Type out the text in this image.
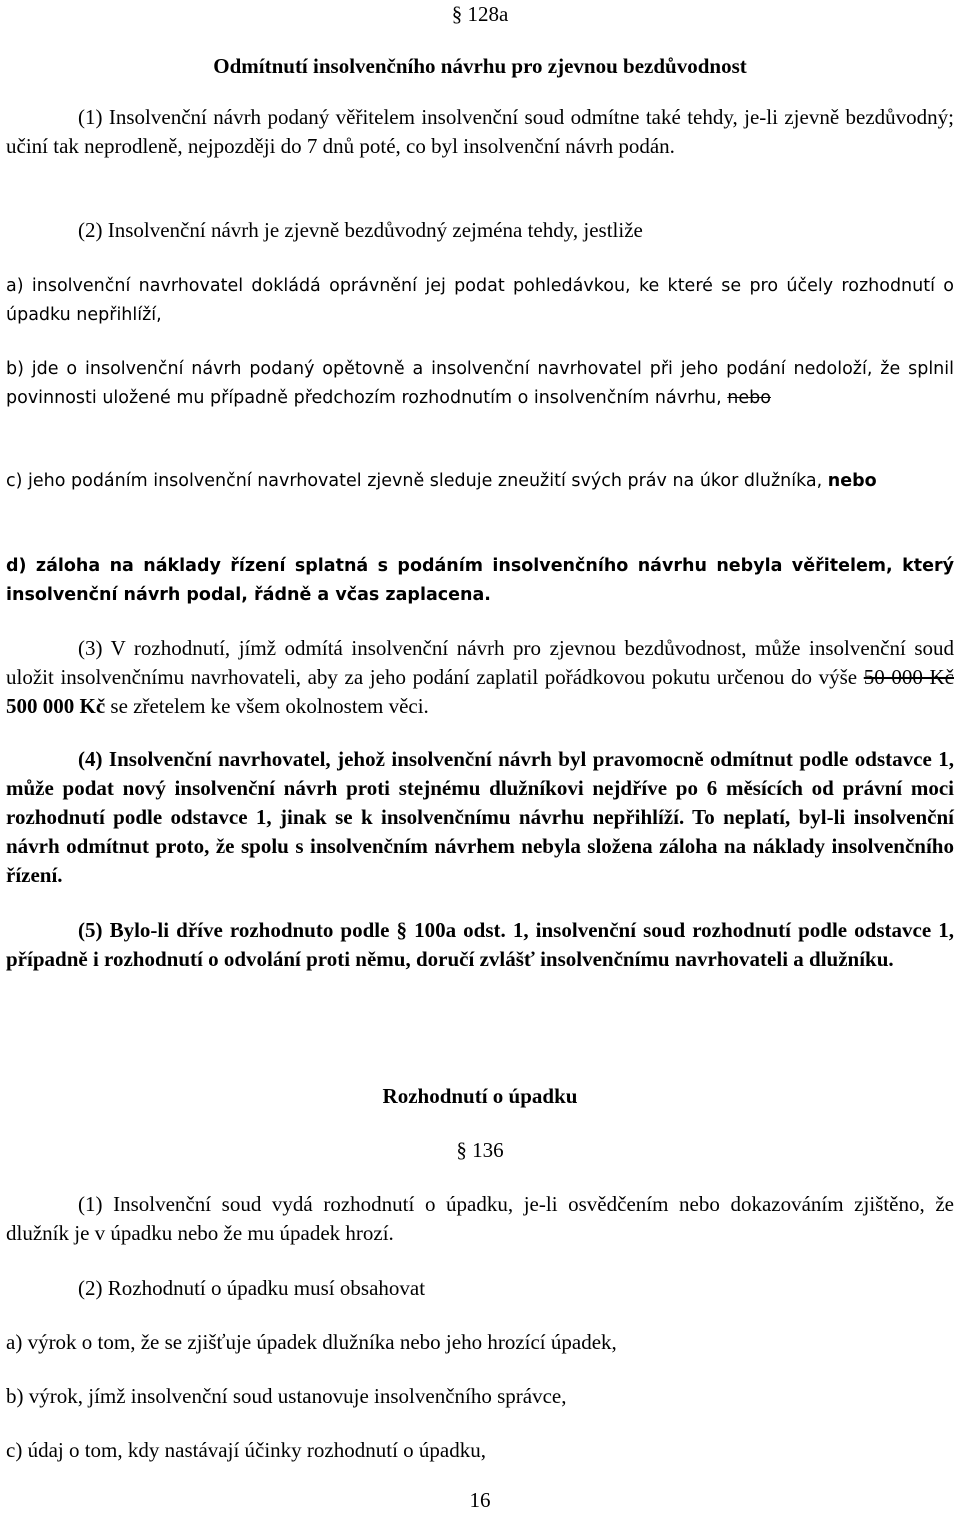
§ 128a

Odmítnutí insolvenčního návrhu pro zjevnou bezdůvodnost

(1) Insolvenční návrh podaný věřitelem insolvenční soud odmítne také tehdy, je-li zjevně bezdůvodný; učiní tak neprodleně, nejpozději do 7 dnů poté, co byl insolvenční návrh podán.

(2) Insolvenční návrh je zjevně bezdůvodný zejména tehdy, jestliže

a) insolvenční navrhovatel dokládá oprávnění jej podat pohledávkou, ke které se pro účely rozhodnutí o úpadku nepřihlíží,

b) jde o insolvenční návrh podaný opětovně a insolvenční navrhovatel při jeho podání nedoloží, že splnil povinnosti uložené mu případně předchozím rozhodnutím o insolvenčním návrhu, nebo

c) jeho podáním insolvenční navrhovatel zjevně sleduje zneužití svých práv na úkor dlužníka, nebo

d) záloha na náklady řízení splatná s podáním insolvenčního návrhu nebyla věřitelem, který insolvenční návrh podal, řádně a včas zaplacena.

(3) V rozhodnutí, jímž odmítá insolvenční návrh pro zjevnou bezdůvodnost, může insolvenční soud uložit insolvenčnímu navrhovateli, aby za jeho podání zaplatil pořádkovou pokutu určenou do výše 50 000 Kč 500 000 Kč se zřetelem ke všem okolnostem věci.

(4) Insolvenční navrhovatel, jehož insolvenční návrh byl pravomocně odmítnut podle odstavce 1, může podat nový insolvenční návrh proti stejnému dlužníkovi nejdříve po 6 měsících od právní moci rozhodnutí podle odstavce 1, jinak se k insolvenčnímu návrhu nepřihlíží. To neplatí, byl-li insolvenční návrh odmítnut proto, že spolu s insolvenčním návrhem nebyla složena záloha na náklady insolvenčního řízení.

(5) Bylo-li dříve rozhodnuto podle § 100a odst. 1, insolvenční soud rozhodnutí podle odstavce 1, případně i rozhodnutí o odvolání proti němu, doručí zvlášť insolvenčnímu navrhovateli a dlužníku.

Rozhodnutí o úpadku

§ 136

(1) Insolvenční soud vydá rozhodnutí o úpadku, je-li osvědčením nebo dokazováním zjištěno, že dlužník je v úpadku nebo že mu úpadek hrozí.

(2) Rozhodnutí o úpadku musí obsahovat

a) výrok o tom, že se zjišťuje úpadek dlužníka nebo jeho hrozící úpadek,

b) výrok, jímž insolvenční soud ustanovuje insolvenčního správce,

c) údaj o tom, kdy nastávají účinky rozhodnutí o úpadku,

16
